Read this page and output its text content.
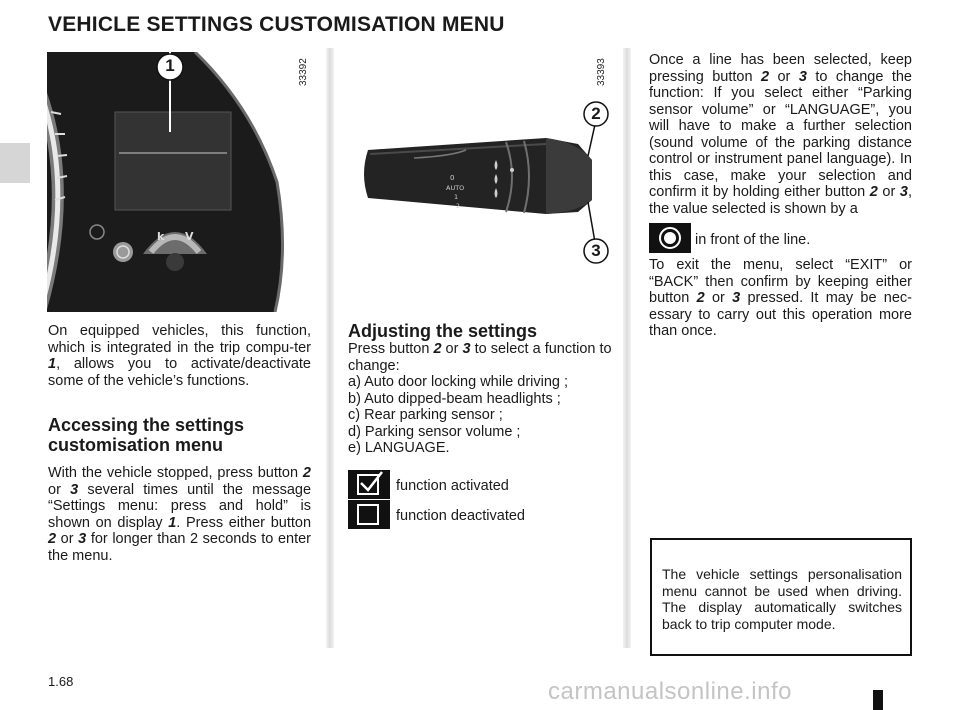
VEHICLE SETTINGS CUSTOMISATION MENU
k V
1	33392
0
AUTO
1
2
2
3
33393

On equipped vehicles, this function, which is integrated in the trip compu-ter 1, allows you to activate/deactivate some of the vehicle’s functions.

Accessing the settings customisation menu

With the vehicle stopped, press button 2 or 3 several times until the message “Settings menu: press and hold” is shown on display 1. Press either button 2 or 3 for longer than 2 seconds to enter the menu.

Adjusting the settings

Press button 2 or 3 to select a function to change:

a) Auto door locking while driving ;
b) Auto dipped-beam headlights ;
c) Rear parking sensor ;
d) Parking sensor volume ;
e) LANGUAGE.
function activated
function deactivated

Once a line has been selected, keep pressing button 2 or 3 to change the function: If you select either “Parking sensor volume” or “LANGUAGE”, you will have to make a further selection (sound volume of the parking distance control or instrument panel language). In this case, make your selection and confirm it by holding either button 2 or 3, the value selected is shown by a

in front of the line.

To exit the menu, select “EXIT” or “BACK” then confirm by keeping either button 2 or 3 pressed. It may be nec-essary to carry out this operation more than once.

The vehicle settings personalisation menu cannot be used when driving. The display automatically switches back to trip computer mode.

1.68	carmanualsonline.info
